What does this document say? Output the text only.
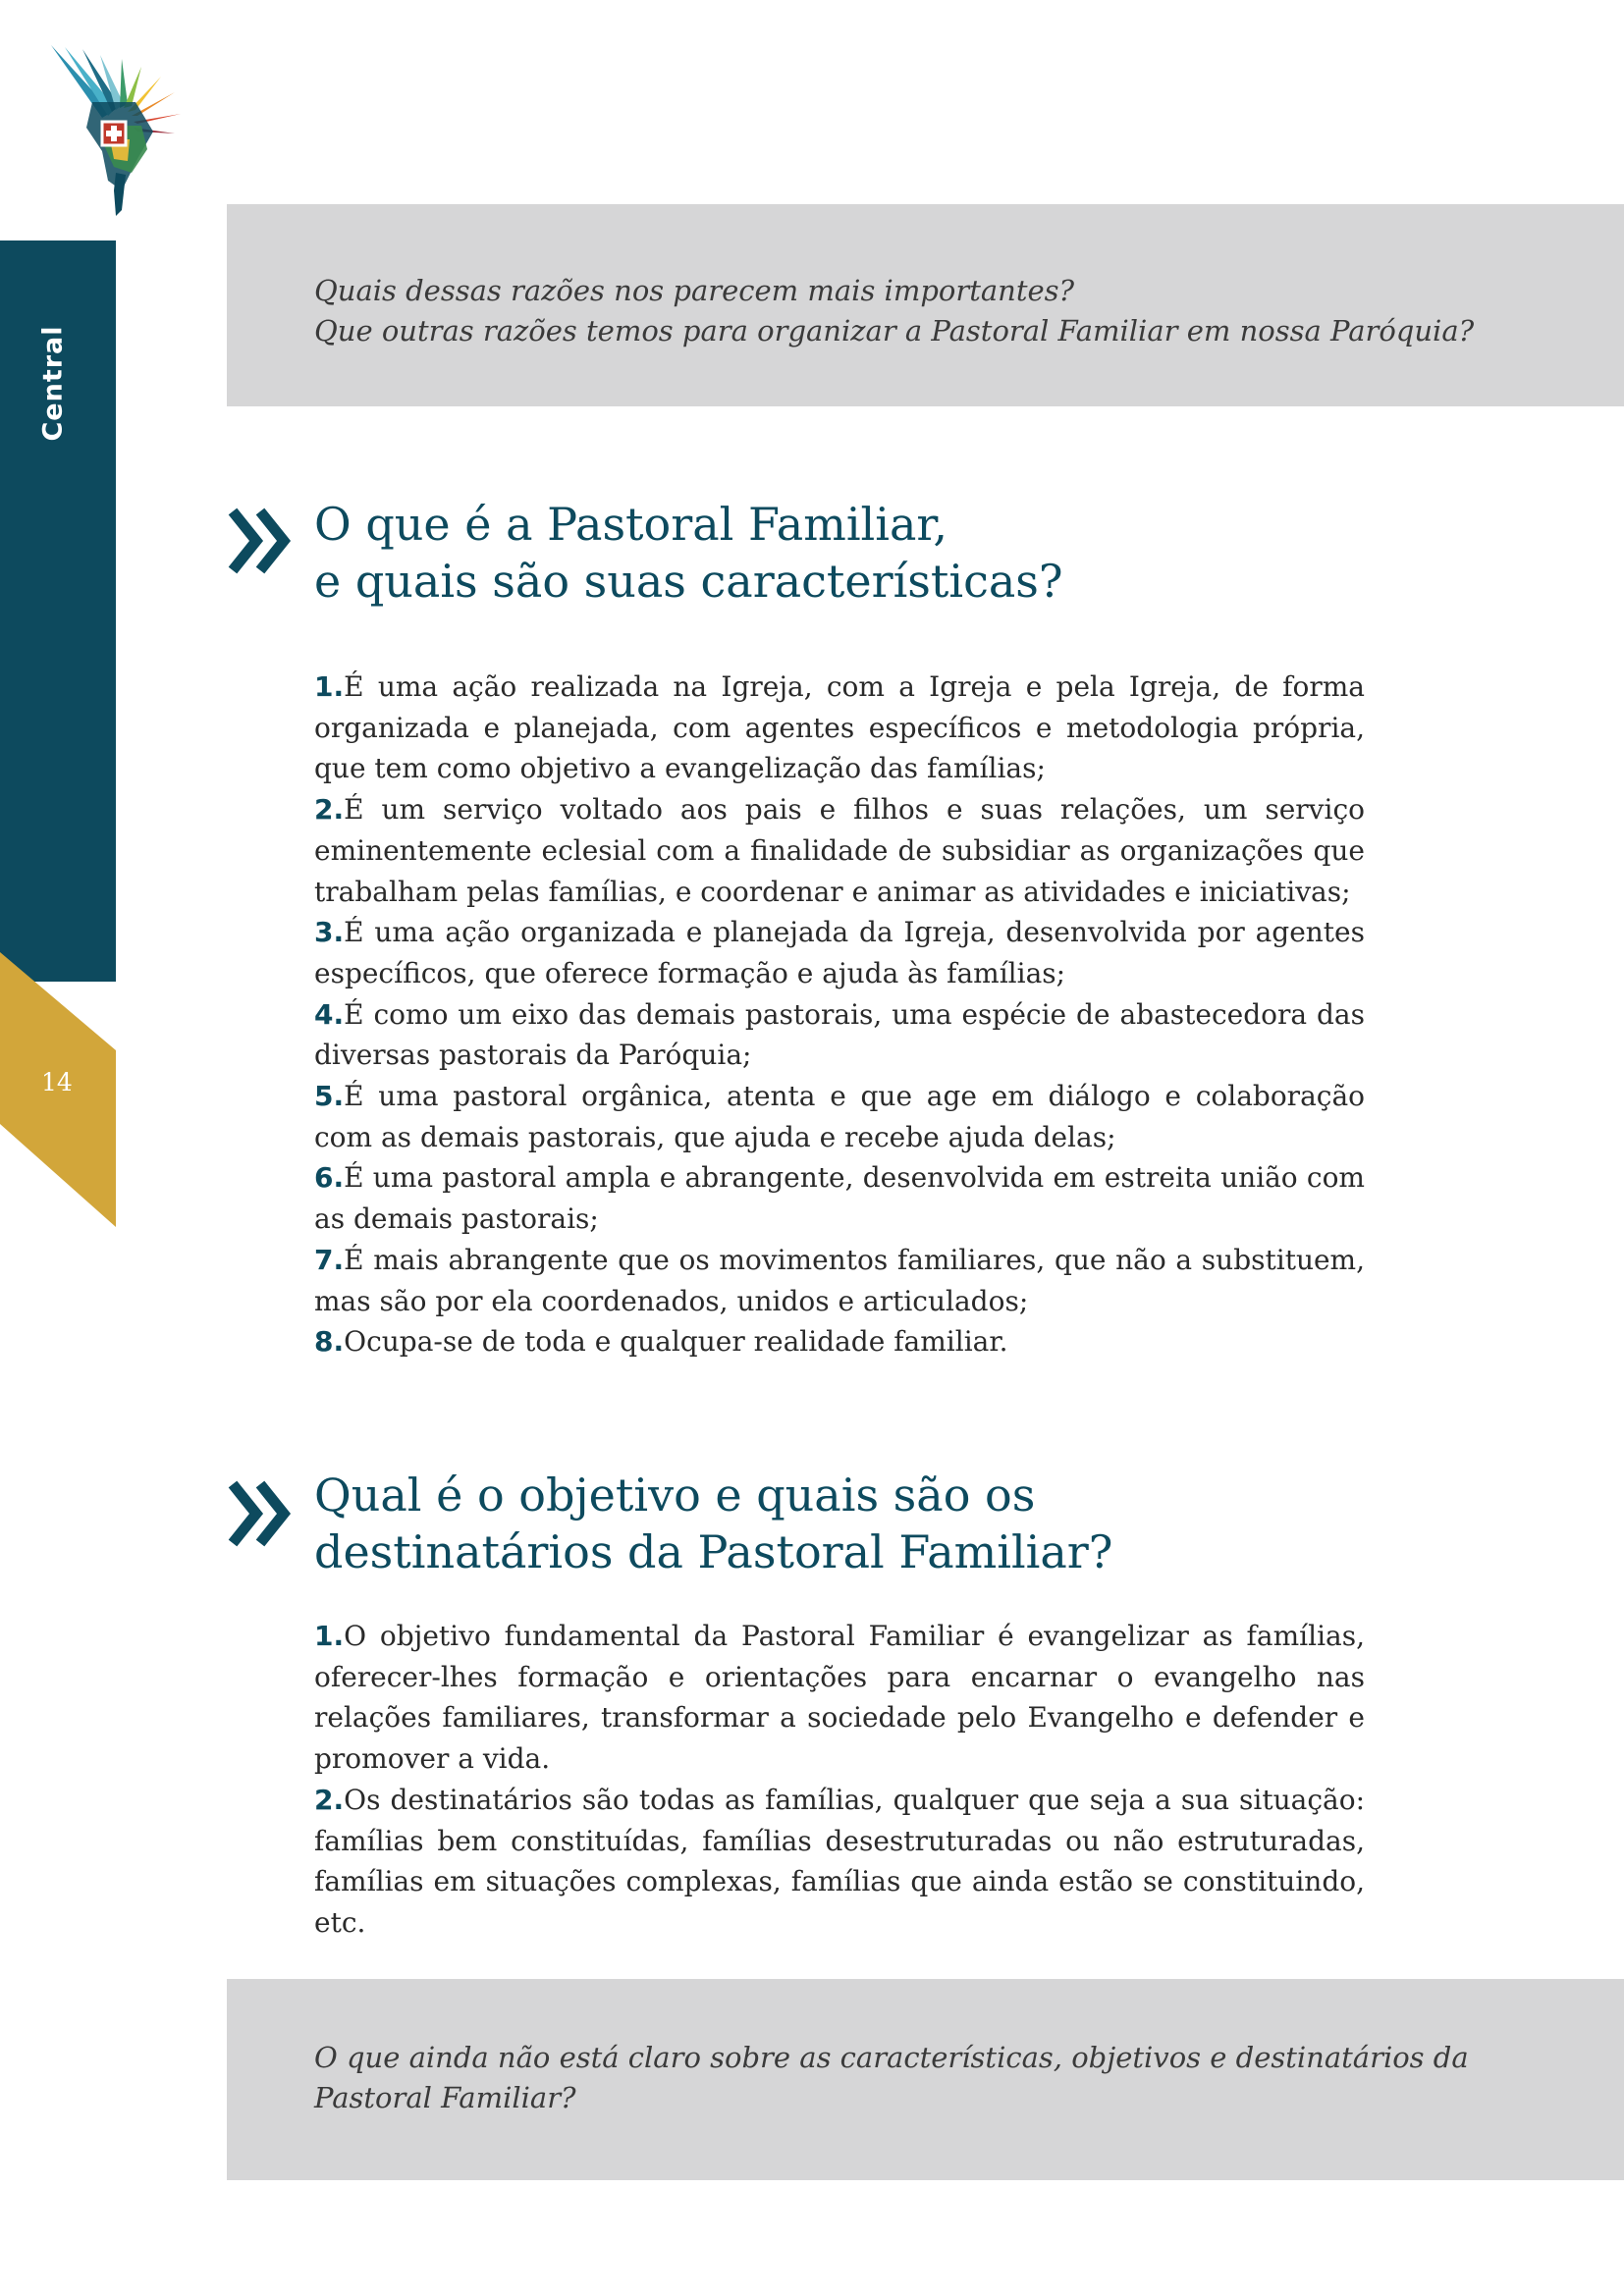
Central
14

Quais dessas razões nos parecem mais importantes?

Que outras razões temos para organizar a Pastoral Familiar em nossa Paróquia?

O que é a Pastoral Familiar,
e quais são suas características?
1.É uma ação realizada na Igreja, com a Igreja e pela Igreja, de forma organizada e planejada, com agentes específicos e metodologia própria, que tem como objetivo a evangelização das famílias;
2.É um serviço voltado aos pais e filhos e suas relações, um serviço eminentemente eclesial com a finalidade de subsidiar as organizações que trabalham pelas famílias, e coordenar e animar as atividades e iniciativas;
3.É uma ação organizada e planejada da Igreja, desenvolvida por agentes específicos, que oferece formação e ajuda às famílias;
4.É como um eixo das demais pastorais, uma espécie de abastecedora das diversas pastorais da Paróquia;
5.É uma pastoral orgânica, atenta e que age em diálogo e colaboração com as demais pastorais, que ajuda e recebe ajuda delas;
6.É uma pastoral ampla e abrangente, desenvolvida em estreita união com as demais pastorais;
7.É mais abrangente que os movimentos familiares, que não a substituem, mas são por ela coordenados, unidos e articulados;
8.Ocupa-se de toda e qualquer realidade familiar.
Qual é o objetivo e quais são os
destinatários da Pastoral Familiar?
1.O objetivo fundamental da Pastoral Familiar é evangelizar as famílias, oferecer-lhes formação e orientações para encarnar o evangelho nas relações familiares, transformar a sociedade pelo Evangelho e defender e promover a vida.
2.Os destinatários são todas as famílias, qualquer que seja a sua situação: famílias bem constituídas, famílias desestruturadas ou não estruturadas, famílias em situações complexas, famílias que ainda estão se constituindo, etc.

O que ainda não está claro sobre as características, objetivos e destinatários da Pastoral Familiar?
